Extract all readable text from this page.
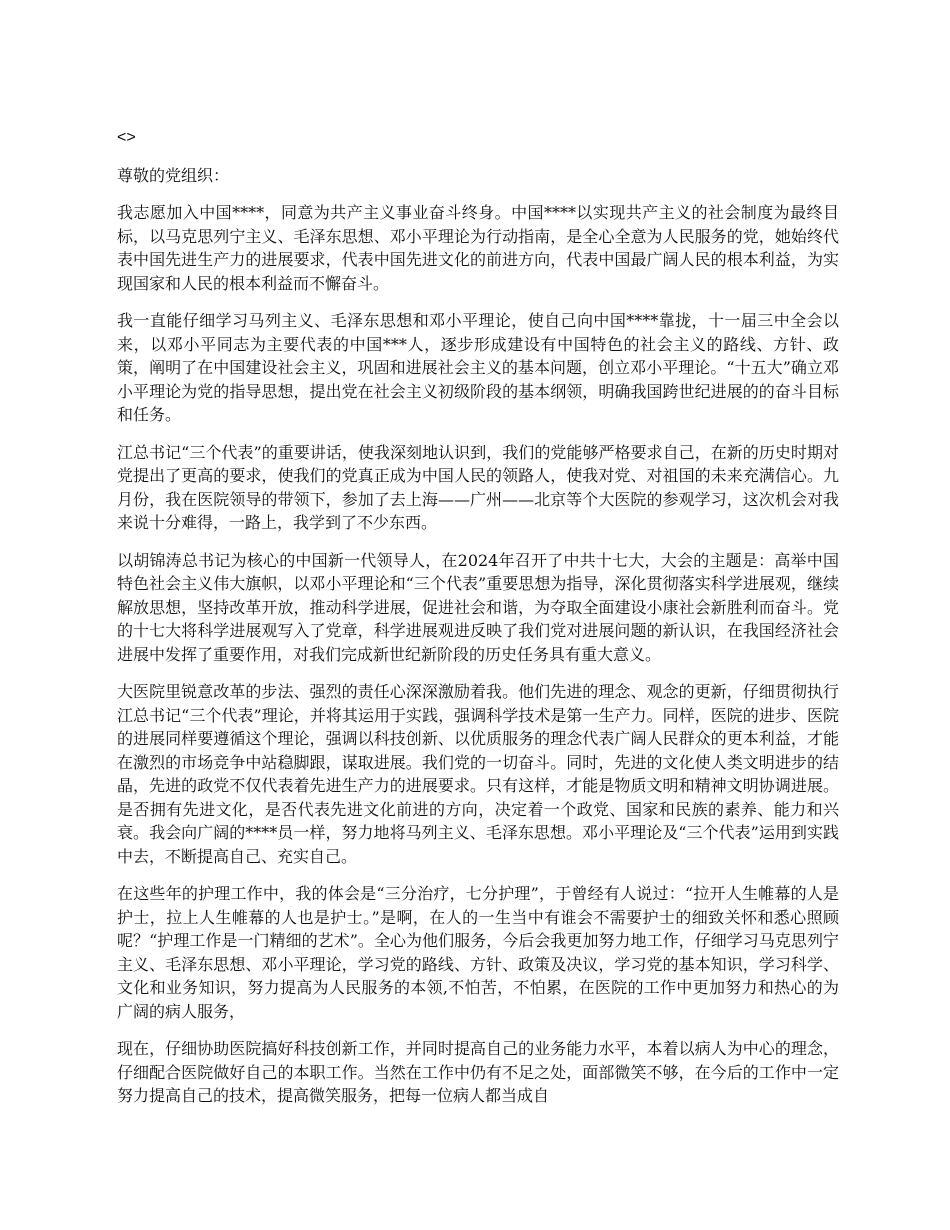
<>
尊敬的党组织：

我志愿加入中国****，同意为共产主义事业奋斗终身。中国****以实现共产主义的社会制度为最终目标，以马克思列宁主义、毛泽东思想、邓小平理论为行动指南，是全心全意为人民服务的党，她始终代表中国先进生产力的进展要求，代表中国先进文化的前进方向，代表中国最广阔人民的根本利益，为实现国家和人民的根本利益而不懈奋斗。

我一直能仔细学习马列主义、毛泽东思想和邓小平理论，使自己向中国****靠拢，十一届三中全会以来，以邓小平同志为主要代表的中国***人，逐步形成建设有中国特色的社会主义的路线、方针、政策，阐明了在中国建设社会主义，巩固和进展社会主义的基本问题，创立邓小平理论。“十五大”确立邓小平理论为党的指导思想，提出党在社会主义初级阶段的基本纲领，明确我国跨世纪进展的的奋斗目标和任务。

江总书记“三个代表”的重要讲话，使我深刻地认识到，我们的党能够严格要求自己，在新的历史时期对党提出了更高的要求，使我们的党真正成为中国人民的领路人，使我对党、对祖国的未来充满信心。九月份，我在医院领导的带领下，参加了去上海——广州——北京等个大医院的参观学习，这次机会对我来说十分难得，一路上，我学到了不少东西。

以胡锦涛总书记为核心的中国新一代领导人，在2024年召开了中共十七大，大会的主题是：高举中国特色社会主义伟大旗帜，以邓小平理论和“三个代表”重要思想为指导，深化贯彻落实科学进展观，继续解放思想，坚持改革开放，推动科学进展，促进社会和谐，为夺取全面建设小康社会新胜利而奋斗。党的十七大将科学进展观写入了党章，科学进展观进反映了我们党对进展问题的新认识，在我国经济社会进展中发挥了重要作用，对我们完成新世纪新阶段的历史任务具有重大意义。

大医院里锐意改革的步法、强烈的责任心深深激励着我。他们先进的理念、观念的更新，仔细贯彻执行江总书记“三个代表”理论，并将其运用于实践，强调科学技术是第一生产力。同样，医院的进步、医院的进展同样要遵循这个理论，强调以科技创新、以优质服务的理念代表广阔人民群众的更本利益，才能在激烈的市场竞争中站稳脚跟，谋取进展。我们党的一切奋斗。同时，先进的文化使人类文明进步的结晶，先进的政党不仅代表着先进生产力的进展要求。只有这样，才能是物质文明和精神文明协调进展。是否拥有先进文化，是否代表先进文化前进的方向，决定着一个政党、国家和民族的素养、能力和兴衰。我会向广阔的****员一样，努力地将马列主义、毛泽东思想。邓小平理论及“三个代表”运用到实践中去，不断提高自己、充实自己。

在这些年的护理工作中，我的体会是“三分治疗，七分护理”，于曾经有人说过：“拉开人生帷幕的人是护士，拉上人生帷幕的人也是护士。”是啊，在人的一生当中有谁会不需要护士的细致关怀和悉心照顾呢？“护理工作是一门精细的艺术”。全心为他们服务，今后会我更加努力地工作，仔细学习马克思列宁主义、毛泽东思想、邓小平理论，学习党的路线、方针、政策及决议，学习党的基本知识，学习科学、文化和业务知识，努力提高为人民服务的本领,不怕苦，不怕累，在医院的工作中更加努力和热心的为广阔的病人服务，

现在，仔细协助医院搞好科技创新工作，并同时提高自己的业务能力水平，本着以病人为中心的理念，仔细配合医院做好自己的本职工作。当然在工作中仍有不足之处，面部微笑不够，在今后的工作中一定努力提高自己的技术，提高微笑服务，把每一位病人都当成自
